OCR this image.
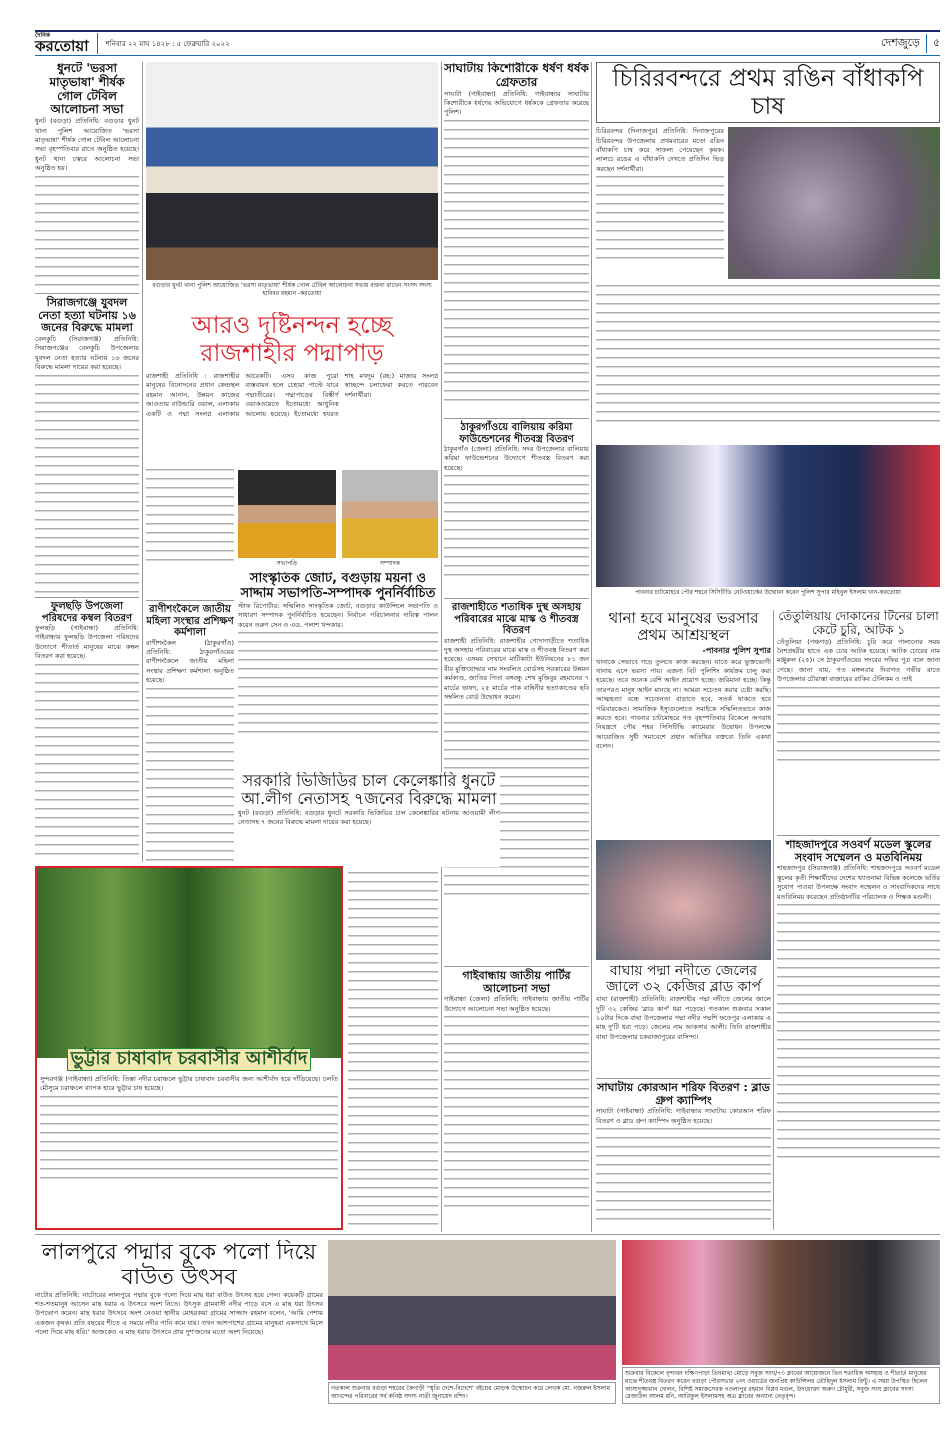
দৈনিক
করতোয়া	শনিবার ২২ মাঘ ১৪২৮ : ৫ ফেব্রুয়ারি ২০২২	দেশজুড়ে	৫
ধুনটে 'ভরসা মাতৃভাষা' শীর্ষক গোল টেবিল আলোচনা সভা
ধুনট (বগুড়া) প্রতিনিধি: বগুড়ার ধুনট থানা পুলিশ আয়োজিত 'ভরসা মাতৃভাষা' শীর্ষক গোল টেবিল আলোচনা সভা বৃহস্পতিবার রাতে অনুষ্ঠিত হয়েছে। ধুনট থানা চত্বরে আলোচনা সভা অনুষ্ঠিত হয়।
সিরাজগঞ্জে যুবদল নেতা হত্যা ঘটনায় ১৬ জনের বিরুদ্ধে মামলা
বেলকুচি (সিরাজগঞ্জ) প্রতিনিধি: সিরাজগঞ্জের বেলকুচি উপজেলায় যুবদল নেতা হত্যার ঘটনায় ১৬ জনের বিরুদ্ধে মামলা দায়ের করা হয়েছে।
ফুলছড়ি উপজেলা পরিষদের কম্বল বিতরণ
ফুলছড়ি (গাইবান্ধা) প্রতিনিধি: গাইবান্ধার ফুলছড়ি উপজেলা পরিষদের উদ্যোগে শীতার্ত মানুষের মাঝে কম্বল বিতরণ করা হয়েছে।
বগুড়ার ধুনট থানা পুলিশ আয়োজিত 'ভরসা মাতৃভাষা' শীর্ষক গোল টেবিল আলোচনা সভায় বক্তব্য রাখেন সংসদ সদস্য হাবিবর রহমান -করতোয়া
আরও দৃষ্টিনন্দন হচ্ছে রাজশাহীর পদ্মাপাড়
রাজশাহী প্রতিনিধি : রাজশাহীর মানুষের বিনোদনের প্রধান কেন্দ্রস্থল রহমান আনান, উন্নয়ন কাজের আওতায় বাউন্ডারি ওয়াল, এলাকায় একটি ও পদ্মা সংলগ্ন এলাকায় আরেকটি। এসব কাজ পুরো বাস্তবায়ন হলে চেহারা পাল্টে যাবে পদ্মাতীরের। পদ্মাপাড়ের বিস্তীর্ণ ওয়াকওয়েতে ইতোমধ্যে আধুনিক আলোয় হয়েছে। ইতোমধ্যে হযরত শাহ মখদুম (রহ:) মাজার সংলগ্ন স্বাচ্ছন্দে চলাফেরা করতে পারবেন দর্শনার্থীরা।
সভাপতি	সম্পাদক
সাংস্কৃতিক জোট, বগুড়ায় ময়না ও সাদ্দাম সভাপতি-সম্পাদক পুনর্নির্বাচিত
স্টাফ রিপোর্টার: সম্মিলিত সাংস্কৃতিক জোট, বগুড়ার কাউন্সিলে সভাপতি ও সাধারণ সম্পাদক পুনর্নির্বাচিত হয়েছেন। নির্বাচন পরিচালনার দায়িত্ব পালন করেন তরুণ সেন ও এড. পলাশ খন্দকার।
রাণীশংকৈলে জাতীয় মহিলা সংস্থার প্রশিক্ষণ কর্মশালা
রাণীশংকৈল (ঠাকুরগাঁও) প্রতিনিধি: ঠাকুরগাঁওয়ের রাণীশংকৈলে জাতীয় মহিলা সংস্থার প্রশিক্ষণ কর্মশালা অনুষ্ঠিত হয়েছে।
সাঘাটায় কিশোরীকে ধর্ষণ ধর্ষক গ্রেফতার
সাঘাটা (গাইবান্ধা) প্রতিনিধি: গাইবান্ধার সাঘাটায় কিশোরীকে ধর্ষণের অভিযোগে ধর্ষককে গ্রেফতার করেছে পুলিশ।
ঠাকুরগাঁওয়ে বালিয়ায় করিমা ফাউন্ডেশনের শীতবস্ত্র বিতরণ
ঠাকুরগাঁও (জেলা) প্রতিনিধি: সদর উপজেলার বালিয়ায় করিমা ফাউন্ডেশনের উদ্যোগে শীতবস্ত্র বিতরণ করা হয়েছে।
রাজশাহীতে শতাধিক দুস্থ অসহায় পরিবারের মাঝে মাস্ক ও শীতবস্ত্র বিতরণ
রাজশাহী প্রতিনিধি: রাজশাহীর গোদাগাড়ীতে শতাধিক দুস্থ অসহায় পরিবারের মাঝে মাস্ক ও শীতবস্ত্র বিতরণ করা হয়েছে। এসময় সেখানে মাটিকাটা ইউনিয়নের ৮১ জন বীর মুক্তিযোদ্ধার নাম সংবলিত বোর্ডসহ সরকারের উন্নয়ন কর্মকাণ্ড, জাতির পিতা বঙ্গবন্ধু শেখ মুজিবুর রহমানের ৭ মার্চের ভাষণ, ২৫ মার্চের পাক বাহিনীর হত্যাকাণ্ডের ছবি সম্বলিত বোর্ড উদ্বোধন করেন।
সরকারি ভিজিডির চাল কেলেঙ্কারি ধুনটে আ.লীগ নেতাসহ ৭জনের বিরুদ্ধে মামলা
ধুনট (বগুড়া) প্রতিনিধি: বগুড়ার ধুনটে সরকারি ভিজিডির চাল কেলেঙ্কারির ঘটনায় আওয়ামী লীগ নেতাসহ ৭ জনের বিরুদ্ধে মামলা দায়ের করা হয়েছে।
ভুট্টার চাষাবাদ চরবাসীর আশীর্বাদ
সুন্দরগঞ্জ (গাইবান্ধা) প্রতিনিধি: তিস্তা নদীর চরাঞ্চলে ভুট্টার চাষাবাদ চরবাসীর জন্য আশীর্বাদ হয়ে দাঁড়িয়েছে। চলতি মৌসুমে চরাঞ্চলে ব্যাপক হারে ভুট্টার চাষ হয়েছে।
গাইবান্ধায় জাতীয় পার্টির আলোচনা সভা
গাইবান্ধা (জেলা) প্রতিনিধি: গাইবান্ধায় জাতীয় পার্টির উদ্যোগে আলোচনা সভা অনুষ্ঠিত হয়েছে।
চিরিরবন্দরে প্রথম রঙিন বাঁধাকপি চাষ
চিরিরবন্দর (দিনাজপুর) প্রতিনিধি: দিনাজপুরের চিরিরবন্দর উপজেলায় প্রথমবারের মতো রঙিন বাঁধাকপি চাষ করে সাফল্য পেয়েছেন কৃষক। লালচে রঙের এ বাঁধাকপি দেখতে প্রতিদিন ভিড় করছেন দর্শনার্থীরা।
পাবনার চাটমোহরে পৌর শহরে সিসিটিভি নেটওয়ার্কের উদ্বোধন করেন পুলিশ সুপার মহিবুল ইসলাম খান-করতোয়া
থানা হবে মানুষের ভরসার প্রথম আশ্রয়স্থল
-পাবনার পুলিশ সুপার
থানাকে সেভাবে গড়ে তুলতে কাজ করছেন। যাতে করে ভুক্তভোগী থানায় এসে ভরসা পায়। এজন্য বিট পুলিশিং কার্যক্রম চালু করা হয়েছে। তবে অনেক বেশি আইন প্রয়োগ হচ্ছে। জরিমানা হচ্ছে। কিন্তু তারপরও মানুষ আইন মানছে না। আমরা সচেতন করার চেষ্টা করছি। আত্মহত্যা বন্ধে সচেতনতা বাড়াতে হবে, সতর্ক থাকতে হবে পরিবারকেও। সামাজিক ইস্যুগুলোতে সবাইকে সম্মিলিতভাবে কাজ করতে হবে। পাবনার চাটমোহরে গত বৃহস্পতিবার বিকেলে অপরাধ নিয়ন্ত্রণে পৌর শহর সিসিটিভি ক্যামেরার উদ্বোধন উপলক্ষে আয়োজিত সুধী সমাবেশে প্রধান অতিথির বক্তব্যে তিনি একথা বলেন।
তেঁতুলিয়ায় দোকানের টিনের চালা কেটে চুরি, আটক ১
তেঁতুলিয়া (পঞ্চগড়) প্রতিনিধি: চুরি করে পালানোর সময় নৈশপ্রহরীর হাতে এক চোর আটক হয়েছে। আটক চোরের নাম মঞ্জুরুল (২৫)। সে ঠাকুরগাঁওয়ের সদরের সফির পুত্র বলে জানা গেছে। জানা যায়, গত মঙ্গলবার দিবাগত গভীর রাতে উপজেলার চৌরাস্তা বাজারের রাকিব টেলিকম ও তাই
শাহজাদপুরে সওবর্ণ মডেল স্কুলের সংবাদ সম্মেলন ও মতবিনিময়
শাহজাদপুর (সিরাজগঞ্জ) প্রতিনিধি: শাহজাদপুরে সওবর্ণ মডেল স্কুলের কৃতী শিক্ষার্থীদের দেশের খ্যাতনামা বিভিন্ন কলেজে ভর্তির সুযোগ পাওয়া উপলক্ষে সংবাদ সম্মেলন ও সাংবাদিকদের সাথে মতবিনিময় করেছেন প্রতিষ্ঠানটির পরিচালক ও শিক্ষক মণ্ডলী।
বাঘায় পদ্মা নদীতে জেলের জালে ৩২ কেজির ব্লাড কার্প
বাঘা (রাজশাহী) প্রতিনিধি: রাজশাহীর পদ্মা নদীতে জেলের জালে দুটি ৩২ কেজির 'ব্লাড কার্প' ধরা পড়েছে। গতকাল শুক্রবার সকাল ১০টার দিকে বাঘা উপজেলার পদ্মা নদীর পদ্মশি ফতেপুর এলাকায় এ মাছ দু'টি ধরা পড়ে। জেলের নাম আকসার আলী। তিনি রাজশাহীর বাঘা উপজেলার চকরাজাপুরের বাসিন্দা।
সাঘাটায় কোরআন শরিফ বিতরণ : ব্লাড গ্রুপ ক্যাম্পিং
সাঘাটা (গাইবান্ধা) প্রতিনিধি: গাইবান্ধার সাঘাটায় কোরআন শরিফ বিতরণ ও ব্লাড গ্রুপ ক্যাম্পিং অনুষ্ঠিত হয়েছে।
লালপুরে পদ্মার বুকে পলো দিয়ে বাউত উৎসব
নাটোর প্রতিনিধি: নাটোরের লালপুরে পদ্মার বুকে পলো দিয়ে মাছ ধরা বাউত উৎসব হয়ে গেল। কয়েকটি গ্রামের শত-শতমানুষ আসেন মাছ ধরার এ উৎসবে অংশ নিতে। উৎসুক গ্রামবাসী নদীর পাড়ে বসে এ মাছ ধরা উৎসব উপভোগ করেন। মাছ ধরার উৎসবে অংশ নেওয়া স্থানীয় মোহরকয়া গ্রামের সাজ্জাদ রহমান বলেন, 'আমি পেশায় একজন কৃষক। প্রতি বছরের শীতে এ সময়ে নদীর পানি কমে যায়। তখন আশপাশের গ্রামের মানুষরা একসাথে মিলে পলো দিয়ে মাছ ধরি।' আজকেও এ মাছ ধরার উৎসবে প্রায় দুশ'জনের মতো অংশ নিয়েছে।
গতকাল শুক্রবার বগুড়া শহরের কৈগাড়ী 'স্মৃতি দেশে-বিদেশে' বইয়ের মোড়ক উন্মোচন করে লেখক মো. নজরুল ইসলাম আখন্দের পরিবারের সর্ব কনিষ্ঠ সদস্য নাতী জুনায়েদ রশিদ।
শুক্রবার বিকেলে বৃন্দাবন দক্ষিণপাড়া তিনমাথা মোড়ে সবুজ সংঘ/৭৩ ক্লাবের আয়োজনে তিন শতাধিক অসহায় ও শীতার্ত মানুষের মাঝে শীতবস্ত্র বিতরণ করেন বগুড়া পৌরসভার ২নং ওয়ার্ডের জনপ্রিয় কাউন্সিলর তৌহিদুল ইসলাম রিন্টু। এ সময় উপস্থিত ছিলেন আসাদুজ্জামান দোলন, বিশিষ্ট সমাজসেবক গওলাপুর রহমান বিপ্লব মণ্ডল, উদয়োক্তা অরুণ চৌধুরী, সবুজ সংঘ ক্লাবের সদস্য রেজাউল আলম রনি, আরিফুল ইসলামসহ অত্র ক্লাবের অন্যান্য নেতৃবৃন্দ।
